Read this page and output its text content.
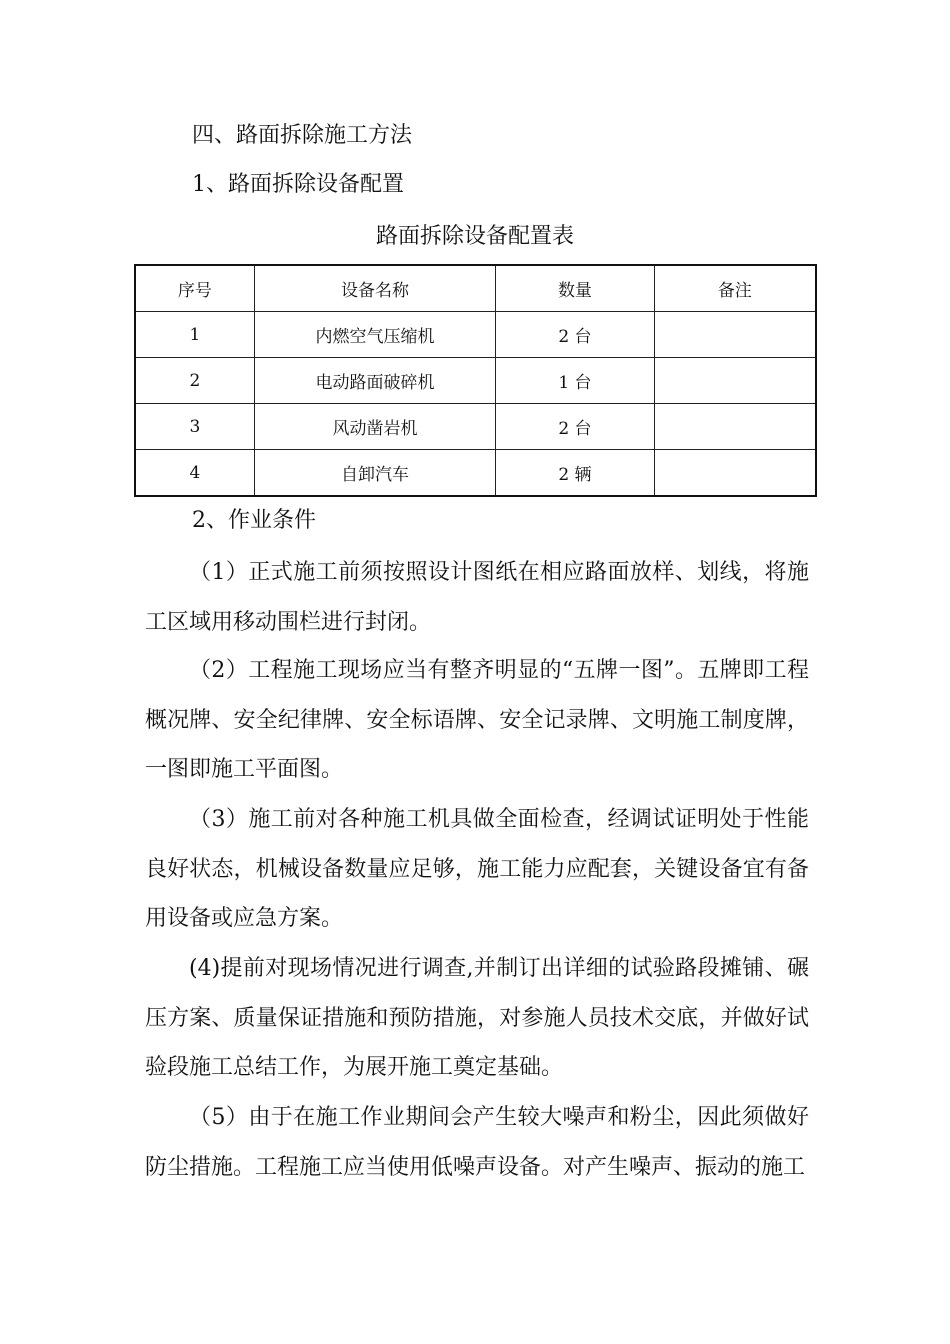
四、路面拆除施工方法
1、路面拆除设备配置
路面拆除设备配置表
序号	设备名称	数量	备注
1	内燃空气压缩机	2 台	
2	电动路面破碎机	1 台	
3	风动凿岩机	2 台	
4	自卸汽车	2 辆	
2、作业条件

（1）正式施工前须按照设计图纸在相应路面放样、划线，将施工区域用移动围栏进行封闭。

（2）工程施工现场应当有整齐明显的“五牌一图”。五牌即工程概况牌、安全纪律牌、安全标语牌、安全记录牌、文明施工制度牌，一图即施工平面图。

（3）施工前对各种施工机具做全面检查，经调试证明处于性能良好状态，机械设备数量应足够，施工能力应配套，关键设备宜有备用设备或应急方案。

(4)提前对现场情况进行调查,并制订出详细的试验路段摊铺、碾压方案、质量保证措施和预防措施，对参施人员技术交底，并做好试验段施工总结工作，为展开施工奠定基础。

（5）由于在施工作业期间会产生较大噪声和粉尘，因此须做好防尘措施。工程施工应当使用低噪声设备。对产生噪声、振动的施工
